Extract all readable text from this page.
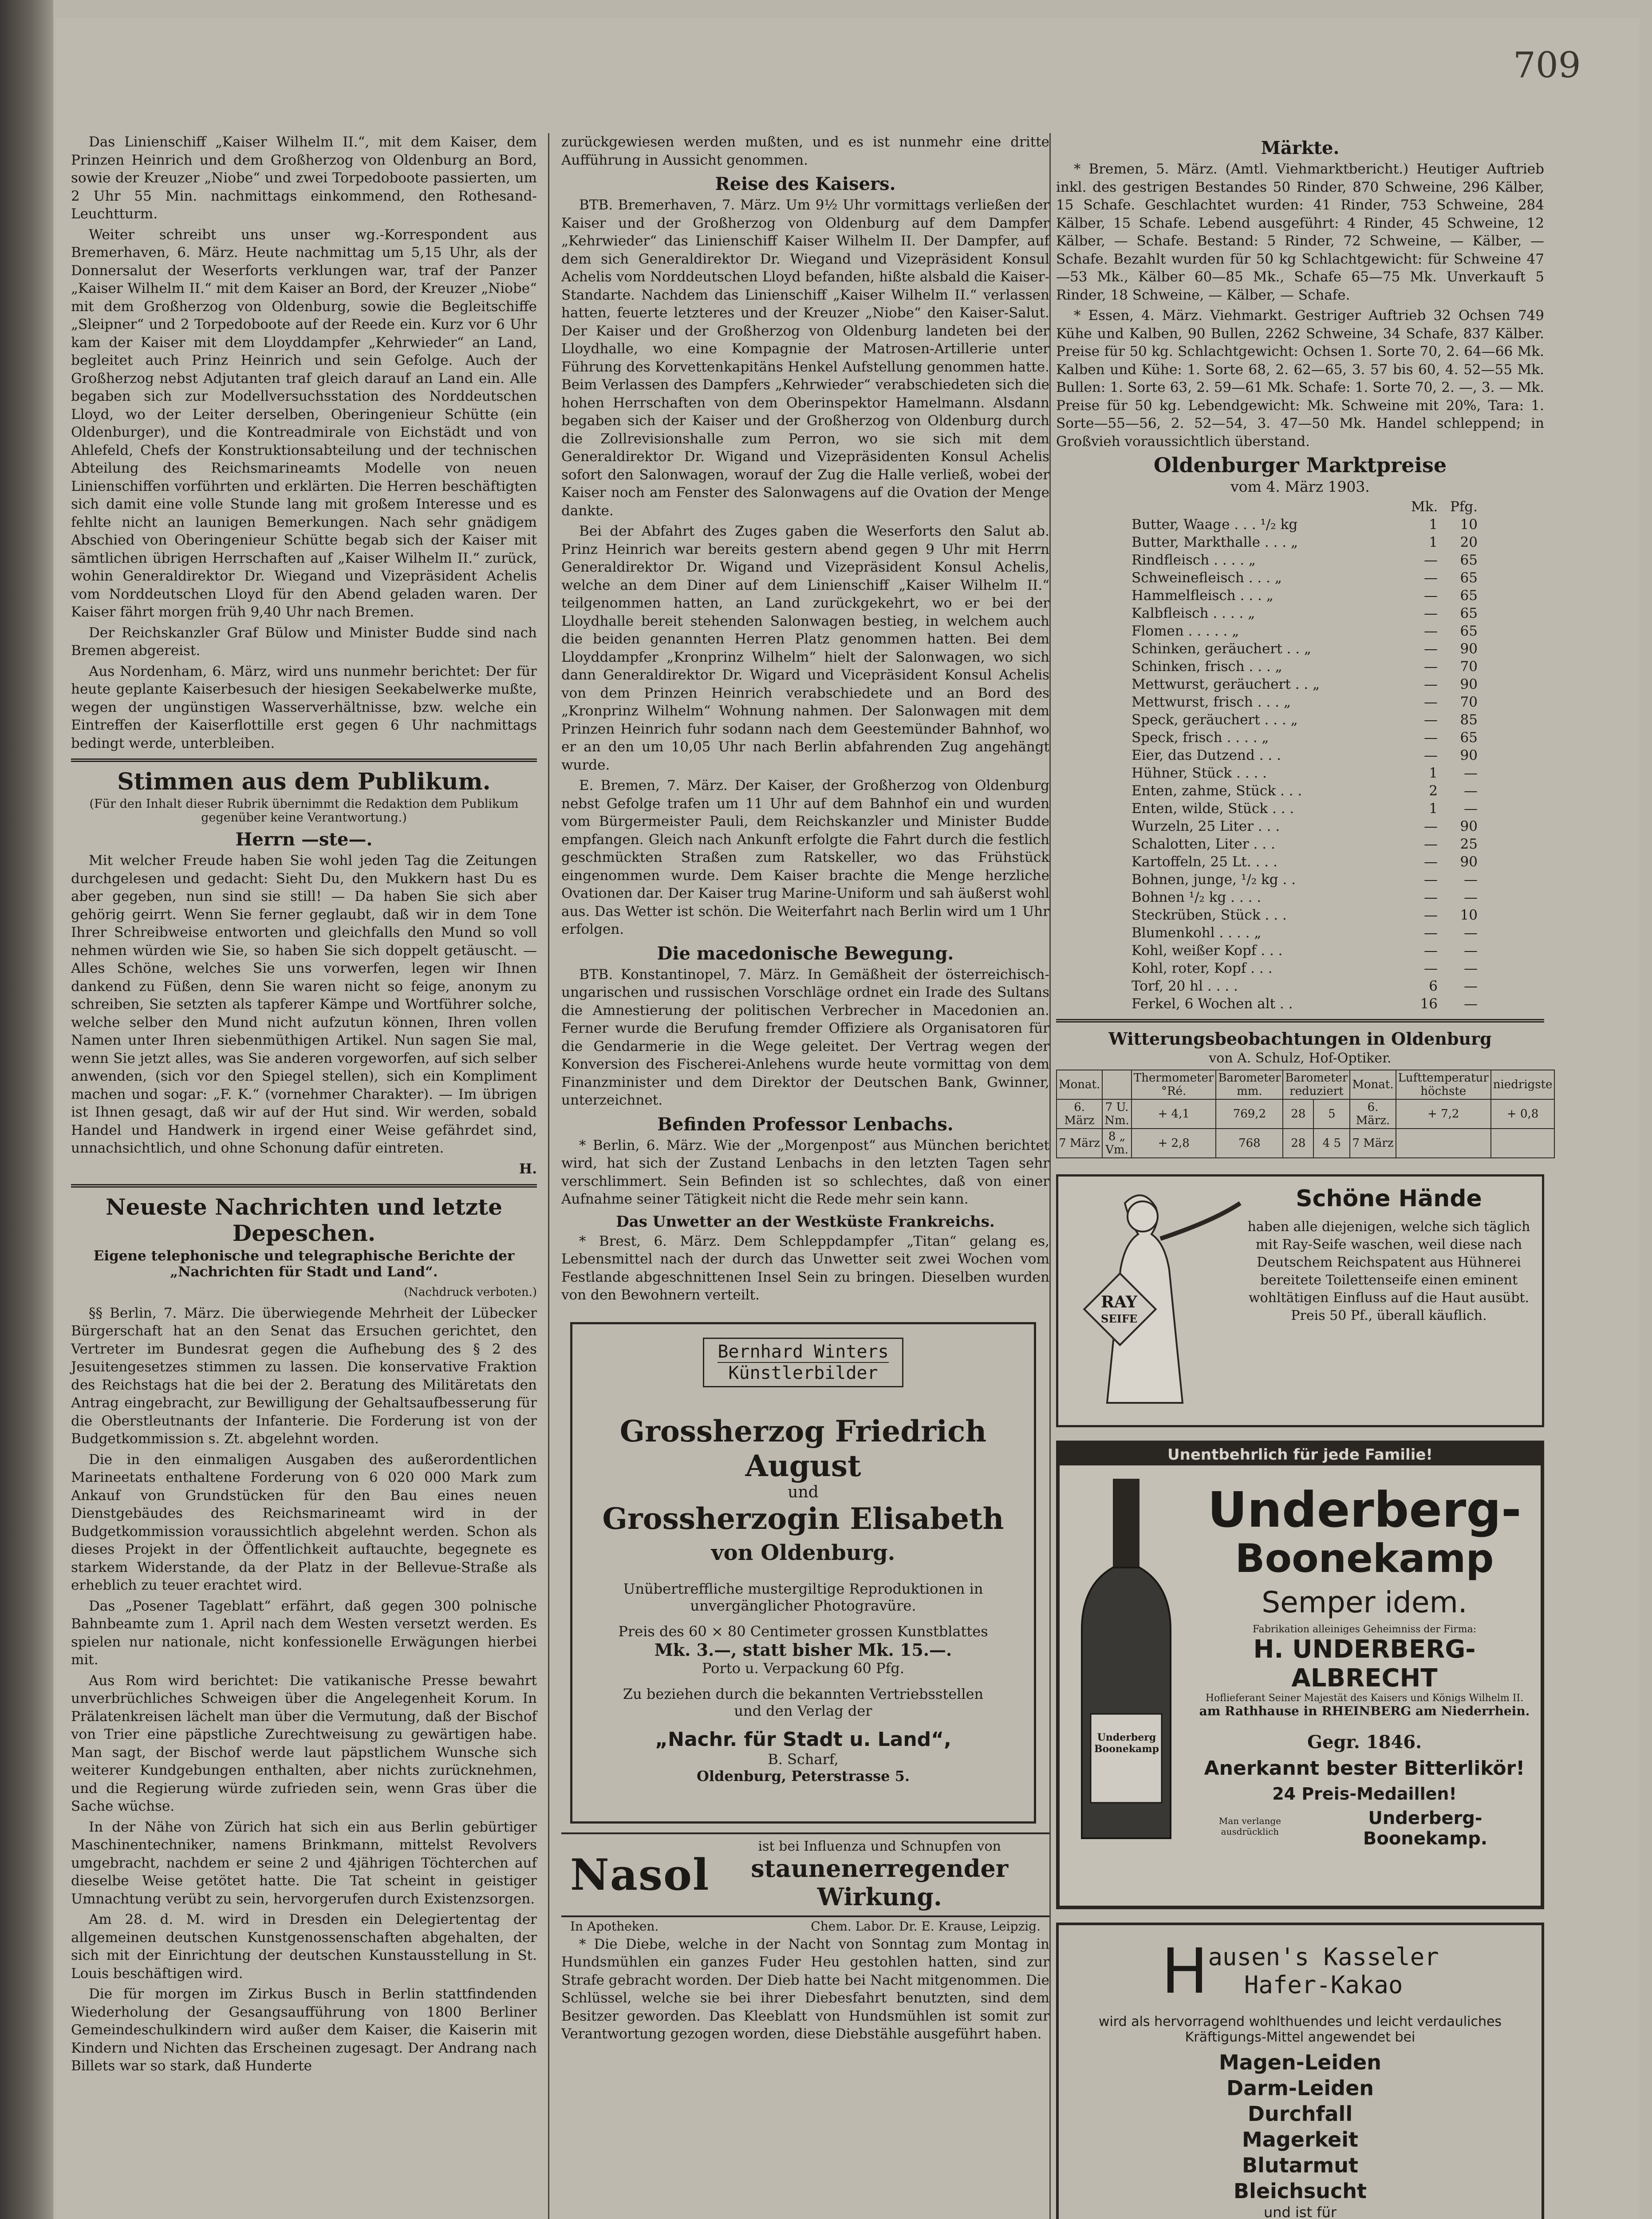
709

Das Linienschiff „Kaiser Wilhelm II.“, mit dem Kaiser, dem Prinzen Heinrich und dem Großherzog von Oldenburg an Bord, sowie der Kreuzer „Niobe“ und zwei Torpedoboote passierten, um 2 Uhr 55 Min. nachmittags einkommend, den Rothesand-Leuchtturm.

Weiter schreibt uns unser wg.-Korrespondent aus Bremerhaven, 6. März. Heute nachmittag um 5,15 Uhr, als der Donnersalut der Weserforts verklungen war, traf der Panzer „Kaiser Wilhelm II.“ mit dem Kaiser an Bord, der Kreuzer „Niobe“ mit dem Großherzog von Oldenburg, sowie die Begleitschiffe „Sleipner“ und 2 Torpedoboote auf der Reede ein. Kurz vor 6 Uhr kam der Kaiser mit dem Lloyddampfer „Kehrwieder“ an Land, begleitet auch Prinz Heinrich und sein Gefolge. Auch der Großherzog nebst Adjutanten traf gleich darauf an Land ein. Alle begaben sich zur Modellversuchsstation des Norddeutschen Lloyd, wo der Leiter derselben, Oberingenieur Schütte (ein Oldenburger), und die Kontreadmirale von Eichstädt und von Ahlefeld, Chefs der Konstruktionsabteilung und der technischen Abteilung des Reichsmarineamts Modelle von neuen Linienschiffen vorführten und erklärten. Die Herren beschäftigten sich damit eine volle Stunde lang mit großem Interesse und es fehlte nicht an launigen Bemerkungen. Nach sehr gnädigem Abschied von Oberingenieur Schütte begab sich der Kaiser mit sämtlichen übrigen Herrschaften auf „Kaiser Wilhelm II.“ zurück, wohin Generaldirektor Dr. Wiegand und Vizepräsident Achelis vom Norddeutschen Lloyd für den Abend geladen waren. Der Kaiser fährt morgen früh 9,40 Uhr nach Bremen.

Der Reichskanzler Graf Bülow und Minister Budde sind nach Bremen abgereist.

Aus Nordenham, 6. März, wird uns nunmehr berichtet: Der für heute geplante Kaiserbesuch der hiesigen Seekabelwerke mußte, wegen der ungünstigen Wasserverhältnisse, bzw. welche ein Eintreffen der Kaiserflottille erst gegen 6 Uhr nachmittags bedingt werde, unterbleiben.

Stimmen aus dem Publikum.
(Für den Inhalt dieser Rubrik übernimmt die Redaktion dem Publikum gegenüber keine Verantwortung.)
Herrn —ste—.

Mit welcher Freude haben Sie wohl jeden Tag die Zeitungen durchgelesen und gedacht: Sieht Du, den Mukkern hast Du es aber gegeben, nun sind sie still! — Da haben Sie sich aber gehörig geirrt. Wenn Sie ferner geglaubt, daß wir in dem Tone Ihrer Schreibweise entworten und gleichfalls den Mund so voll nehmen würden wie Sie, so haben Sie sich doppelt getäuscht. — Alles Schöne, welches Sie uns vorwerfen, legen wir Ihnen dankend zu Füßen, denn Sie waren nicht so feige, anonym zu schreiben, Sie setzten als tapferer Kämpe und Wortführer solche, welche selber den Mund nicht aufzutun können, Ihren vollen Namen unter Ihren siebenmüthigen Artikel. Nun sagen Sie mal, wenn Sie jetzt alles, was Sie anderen vorgeworfen, auf sich selber anwenden, (sich vor den Spiegel stellen), sich ein Kompliment machen und sogar: „F. K.“ (vornehmer Charakter). — Im übrigen ist Ihnen gesagt, daß wir auf der Hut sind. Wir werden, sobald Handel und Handwerk in irgend einer Weise gefährdet sind, unnachsichtlich, und ohne Schonung dafür eintreten.

H.

Neueste Nachrichten und letzte Depeschen.
Eigene telephonische und telegraphische Berichte der „Nachrichten für Stadt und Land“.

(Nachdruck verboten.)

§§ Berlin, 7. März. Die überwiegende Mehrheit der Lübecker Bürgerschaft hat an den Senat das Ersuchen gerichtet, den Vertreter im Bundesrat gegen die Aufhebung des § 2 des Jesuitengesetzes stimmen zu lassen. Die konservative Fraktion des Reichstags hat die bei der 2. Beratung des Militäretats den Antrag eingebracht, zur Bewilligung der Gehaltsaufbesserung für die Oberstleutnants der Infanterie. Die Forderung ist von der Budgetkommission s. Zt. abgelehnt worden.

Die in den einmaligen Ausgaben des außerordentlichen Marineetats enthaltene Forderung von 6 020 000 Mark zum Ankauf von Grundstücken für den Bau eines neuen Dienstgebäudes des Reichsmarineamt wird in der Budgetkommission voraussichtlich abgelehnt werden. Schon als dieses Projekt in der Öffentlichkeit auftauchte, begegnete es starkem Widerstande, da der Platz in der Bellevue-Straße als erheblich zu teuer erachtet wird.

Das „Posener Tageblatt“ erfährt, daß gegen 300 polnische Bahnbeamte zum 1. April nach dem Westen versetzt werden. Es spielen nur nationale, nicht konfessionelle Erwägungen hierbei mit.

Aus Rom wird berichtet: Die vatikanische Presse bewahrt unverbrüchliches Schweigen über die Angelegenheit Korum. In Prälatenkreisen lächelt man über die Vermutung, daß der Bischof von Trier eine päpstliche Zurechtweisung zu gewärtigen habe. Man sagt, der Bischof werde laut päpstlichem Wunsche sich weiterer Kundgebungen enthalten, aber nichts zurücknehmen, und die Regierung würde zufrieden sein, wenn Gras über die Sache wüchse.

In der Nähe von Zürich hat sich ein aus Berlin gebürtiger Maschinentechniker, namens Brinkmann, mittelst Revolvers umgebracht, nachdem er seine 2 und 4jährigen Töchterchen auf dieselbe Weise getötet hatte. Die Tat scheint in geistiger Umnachtung verübt zu sein, hervorgerufen durch Existenzsorgen.

Am 28. d. M. wird in Dresden ein Delegiertentag der allgemeinen deutschen Kunstgenossenschaften abgehalten, der sich mit der Einrichtung der deutschen Kunstausstellung in St. Louis beschäftigen wird.

Die für morgen im Zirkus Busch in Berlin stattfindenden Wiederholung der Gesangsaufführung von 1800 Berliner Gemeindeschulkindern wird außer dem Kaiser, die Kaiserin mit Kindern und Nichten das Erscheinen zugesagt. Der Andrang nach Billets war so stark, daß Hunderte

zurückgewiesen werden mußten, und es ist nunmehr eine dritte Aufführung in Aussicht genommen.

Reise des Kaisers.

BTB. Bremerhaven, 7. März. Um 9½ Uhr vormittags verließen der Kaiser und der Großherzog von Oldenburg auf dem Dampfer „Kehrwieder“ das Linienschiff Kaiser Wilhelm II. Der Dampfer, auf dem sich Generaldirektor Dr. Wiegand und Vizepräsident Konsul Achelis vom Norddeutschen Lloyd befanden, hißte alsbald die Kaiser-Standarte. Nachdem das Linienschiff „Kaiser Wilhelm II.“ verlassen hatten, feuerte letzteres und der Kreuzer „Niobe“ den Kaiser-Salut. Der Kaiser und der Großherzog von Oldenburg landeten bei der Lloydhalle, wo eine Kompagnie der Matrosen-Artillerie unter Führung des Korvettenkapitäns Henkel Aufstellung genommen hatte. Beim Verlassen des Dampfers „Kehrwieder“ verabschiedeten sich die hohen Herrschaften von dem Oberinspektor Hamelmann. Alsdann begaben sich der Kaiser und der Großherzog von Oldenburg durch die Zollrevisionshalle zum Perron, wo sie sich mit dem Generaldirektor Dr. Wigand und Vizepräsidenten Konsul Achelis sofort den Salonwagen, worauf der Zug die Halle verließ, wobei der Kaiser noch am Fenster des Salonwagens auf die Ovation der Menge dankte.

Bei der Abfahrt des Zuges gaben die Weserforts den Salut ab. Prinz Heinrich war bereits gestern abend gegen 9 Uhr mit Herrn Generaldirektor Dr. Wigand und Vizepräsident Konsul Achelis, welche an dem Diner auf dem Linienschiff „Kaiser Wilhelm II.“ teilgenommen hatten, an Land zurückgekehrt, wo er bei der Lloydhalle bereit stehenden Salonwagen bestieg, in welchem auch die beiden genannten Herren Platz genommen hatten. Bei dem Lloyddampfer „Kronprinz Wilhelm“ hielt der Salonwagen, wo sich dann Generaldirektor Dr. Wigard und Vicepräsident Konsul Achelis von dem Prinzen Heinrich verabschiedete und an Bord des „Kronprinz Wilhelm“ Wohnung nahmen. Der Salonwagen mit dem Prinzen Heinrich fuhr sodann nach dem Geestemünder Bahnhof, wo er an den um 10,05 Uhr nach Berlin abfahrenden Zug angehängt wurde.

E. Bremen, 7. März. Der Kaiser, der Großherzog von Oldenburg nebst Gefolge trafen um 11 Uhr auf dem Bahnhof ein und wurden vom Bürgermeister Pauli, dem Reichskanzler und Minister Budde empfangen. Gleich nach Ankunft erfolgte die Fahrt durch die festlich geschmückten Straßen zum Ratskeller, wo das Frühstück eingenommen wurde. Dem Kaiser brachte die Menge herzliche Ovationen dar. Der Kaiser trug Marine-Uniform und sah äußerst wohl aus. Das Wetter ist schön. Die Weiterfahrt nach Berlin wird um 1 Uhr erfolgen.

Die macedonische Bewegung.

BTB. Konstantinopel, 7. März. In Gemäßheit der österreichisch-ungarischen und russischen Vorschläge ordnet ein Irade des Sultans die Amnestierung der politischen Verbrecher in Macedonien an. Ferner wurde die Berufung fremder Offiziere als Organisatoren für die Gendarmerie in die Wege geleitet. Der Vertrag wegen der Konversion des Fischerei-Anlehens wurde heute vormittag von dem Finanzminister und dem Direktor der Deutschen Bank, Gwinner, unterzeichnet.

Befinden Professor Lenbachs.

* Berlin, 6. März. Wie der „Morgenpost“ aus München berichtet wird, hat sich der Zustand Lenbachs in den letzten Tagen sehr verschlimmert. Sein Befinden ist so schlechtes, daß von einer Aufnahme seiner Tätigkeit nicht die Rede mehr sein kann.

Das Unwetter an der Westküste Frankreichs.

* Brest, 6. März. Dem Schleppdampfer „Titan“ gelang es, Lebensmittel nach der durch das Unwetter seit zwei Wochen vom Festlande abgeschnittenen Insel Sein zu bringen. Dieselben wurden von den Bewohnern verteilt.

Bernhard Winters
Künstlerbilder
Grossherzog Friedrich August
und
Grossherzogin Elisabeth
von Oldenburg.
Unübertreffliche mustergiltige Reproduktionen in unvergänglicher Photogravüre.
Preis des 60 × 80 Centimeter grossen Kunstblattes
Mk. 3.—, statt bisher Mk. 15.—.
Porto u. Verpackung 60 Pfg.
Zu beziehen durch die bekannten Vertriebsstellen und den Verlag der
„Nachr. für Stadt u. Land“,
B. Scharf,
Oldenburg, Peterstrasse 5.
Nasol
ist bei Influenza und Schnupfen von
staunenerregender Wirkung.
In Apotheken.	Chem. Labor. Dr. E. Krause, Leipzig.

* Die Diebe, welche in der Nacht von Sonntag zum Montag in Hundsmühlen ein ganzes Fuder Heu gestohlen hatten, sind zur Strafe gebracht worden. Der Dieb hatte bei Nacht mitgenommen. Die Schlüssel, welche sie bei ihrer Diebesfahrt benutzten, sind dem Besitzer geworden. Das Kleeblatt von Hundsmühlen ist somit zur Verantwortung gezogen worden, diese Diebstähle ausgeführt haben.

Märkte.

* Bremen, 5. März. (Amtl. Viehmarktbericht.) Heutiger Auftrieb inkl. des gestrigen Bestandes 50 Rinder, 870 Schweine, 296 Kälber, 15 Schafe. Geschlachtet wurden: 41 Rinder, 753 Schweine, 284 Kälber, 15 Schafe. Lebend ausgeführt: 4 Rinder, 45 Schweine, 12 Kälber, — Schafe. Bestand: 5 Rinder, 72 Schweine, — Kälber, — Schafe. Bezahlt wurden für 50 kg Schlachtgewicht: für Schweine 47—53 Mk., Kälber 60—85 Mk., Schafe 65—75 Mk. Unverkauft 5 Rinder, 18 Schweine, — Kälber, — Schafe.

* Essen, 4. März. Viehmarkt. Gestriger Auftrieb 32 Ochsen 749 Kühe und Kalben, 90 Bullen, 2262 Schweine, 34 Schafe, 837 Kälber. Preise für 50 kg. Schlachtgewicht: Ochsen 1. Sorte 70, 2. 64—66 Mk. Kalben und Kühe: 1. Sorte 68, 2. 62—65, 3. 57 bis 60, 4. 52—55 Mk. Bullen: 1. Sorte 63, 2. 59—61 Mk. Schafe: 1. Sorte 70, 2. —, 3. — Mk. Preise für 50 kg. Lebendgewicht: Mk. Schweine mit 20%, Tara: 1. Sorte—55—56, 2. 52—54, 3. 47—50 Mk. Handel schleppend; in Großvieh voraussichtlich überstand.

Oldenburger Marktpreise
vom 4. März 1903.
Mk. Pfg.
Butter, Waage . . . ¹/₂ kg	1	10
Butter, Markthalle . . . „	1	20
Rindfleisch . . . . „	—	65
Schweinefleisch . . . „	—	65
Hammelfleisch . . . „	—	65
Kalbfleisch . . . . „	—	65
Flomen . . . . . „	—	65
Schinken, geräuchert . . „	—	90
Schinken, frisch . . . „	—	70
Mettwurst, geräuchert . . „	—	90
Mettwurst, frisch . . . „	—	70
Speck, geräuchert . . . „	—	85
Speck, frisch . . . . „	—	65
Eier, das Dutzend . . .	—	90
Hühner, Stück . . . .	1	—
Enten, zahme, Stück . . .	2	—
Enten, wilde, Stück . . .	1	—
Wurzeln, 25 Liter . . .	—	90
Schalotten, Liter . . .	—	25
Kartoffeln, 25 Lt. . . .	—	90
Bohnen, junge, ¹/₂ kg . .	—	—
Bohnen ¹/₂ kg . . . .	—	—
Steckrüben, Stück . . .	—	10
Blumenkohl . . . . „	—	—
Kohl, weißer Kopf . . .	—	—
Kohl, roter, Kopf . . .	—	—
Torf, 20 hl . . . .	6	—
Ferkel, 6 Wochen alt . .	16	—
Witterungsbeobachtungen in Oldenburg
von A. Schulz, Hof-Optiker.
Monat.		Thermometer °Ré.	Barometer mm.	Barometer reduziert		Monat.	Lufttemperatur höchste	niedrigste
6. März	7 U. Nm.	+ 4,1	769,2	28	5	6. März.	+ 7,2	+ 0,8
7 März	8 „ Vm.	+ 2,8	768	28	4 5	7 März		
RAY
SEIFE
Schöne Hände
haben alle diejenigen, welche sich täglich mit Ray-Seife waschen, weil diese nach Deutschem Reichspatent aus Hühnerei bereitete Toilettenseife einen eminent wohltätigen Einfluss auf die Haut ausübt. Preis 50 Pf., überall käuflich.
Unentbehrlich für jede Familie!
Underberg Boonekamp
Underberg-
Boonekamp
Semper idem.
Fabrikation alleiniges Geheimniss der Firma:
H. UNDERBERG-ALBRECHT
Hoflieferant Seiner Majestät des Kaisers und Königs Wilhelm II.
am Rathhause in RHEINBERG am Niederrhein.
Gegr. 1846.
Anerkannt bester Bitterlikör!
24 Preis-Medaillen!
Man verlange ausdrücklich
Underberg-Boonekamp.
H ausen's Kasseler
Hafer-Kakao
wird als hervorragend wohlthuendes und leicht verdauliches Kräftigungs-Mittel angewendet bei
Magen-Leiden
Darm-Leiden
Durchfall
Magerkeit
Blutarmut
Bleichsucht
und ist für
